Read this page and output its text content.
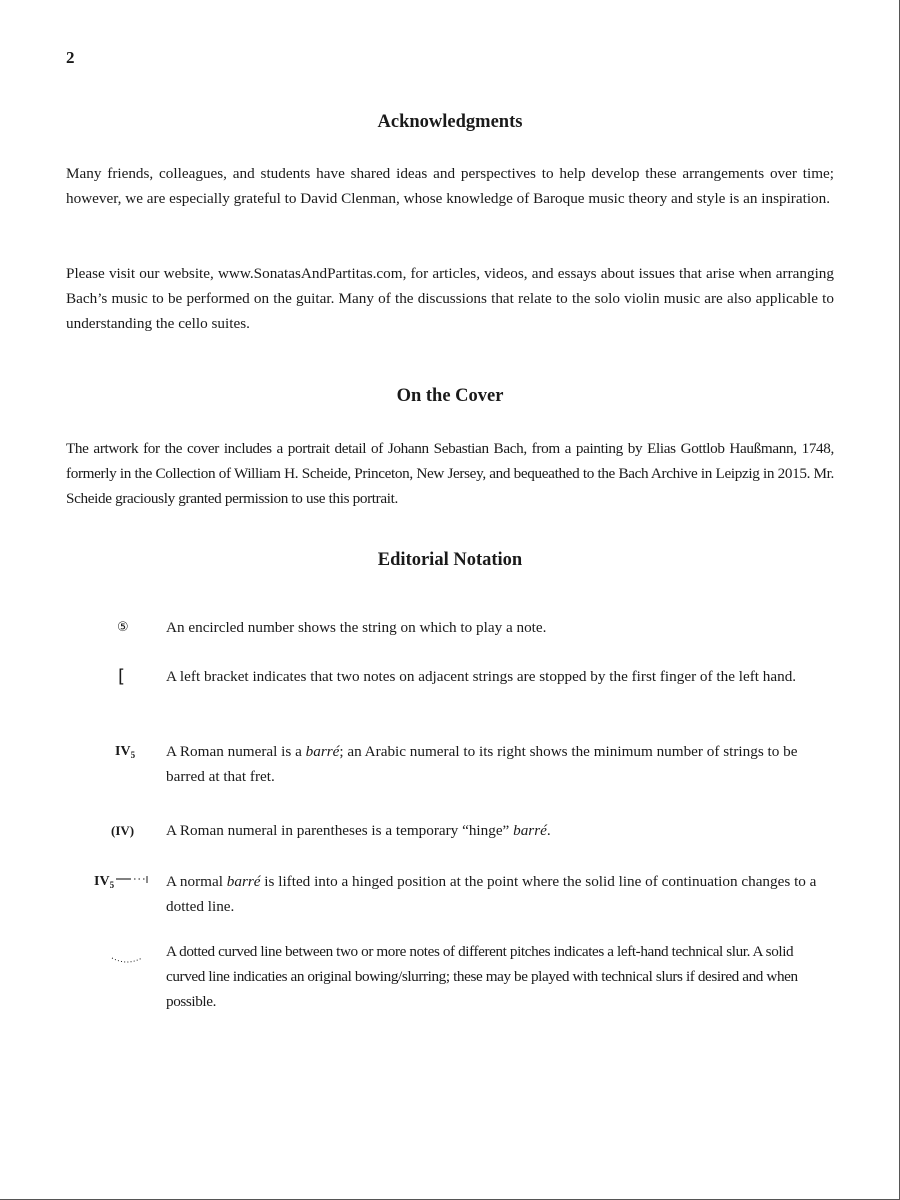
2
Acknowledgments
Many friends, colleagues, and students have shared ideas and perspectives to help develop these arrangements over time; however, we are especially grateful to David Clenman, whose knowledge of Baroque music theory and style is an inspiration.
Please visit our website, www.SonatasAndPartitas.com, for articles, videos, and essays about issues that arise when arranging Bach’s music to be performed on the guitar. Many of the discussions that relate to the solo violin music are also applicable to understanding the cello suites.
On the Cover
The artwork for the cover includes a portrait detail of Johann Sebastian Bach, from a painting by Elias Gottlob Haußmann, 1748, formerly in the Collection of William H. Scheide, Princeton, New Jersey, and bequeathed to the Bach Archive in Leipzig in 2015. Mr. Scheide graciously granted permission to use this portrait.
Editorial Notation
⑤ An encircled number shows the string on which to play a note.
[	A left bracket indicates that two notes on adjacent strings are stopped by the first finger of the left hand.
$IV_5$ A Roman numeral is a barré; an Arabic numeral to its right shows the minimum number of strings to be barred at that fret.
(IV) A Roman numeral in parentheses is a temporary “hinge” barré.
$IV_5$	A normal barré is lifted into a hinged position at the point where the solid line of continuation changes to a dotted line.
A dotted curved line between two or more notes of different pitches indicates a left-hand technical slur. A solid curved line indicaties an original bowing/slurring; these may be played with technical slurs if desired and when possible.
